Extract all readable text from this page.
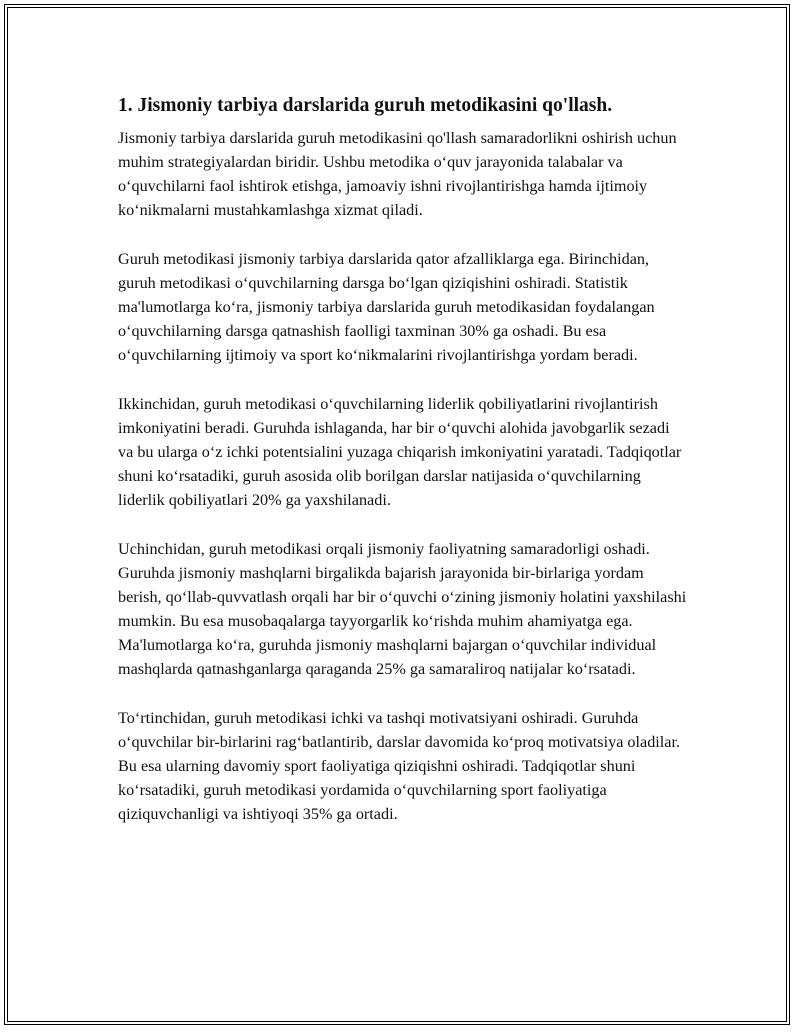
1. Jismoniy tarbiya darslarida guruh metodikasini qo'llash.

Jismoniy tarbiya darslarida guruh metodikasini qo'llash samaradorlikni oshirish uchun muhim strategiyalardan biridir. Ushbu metodika o‘quv jarayonida talabalar va o‘quvchilarni faol ishtirok etishga, jamoaviy ishni rivojlantirishga hamda ijtimoiy ko‘nikmalarni mustahkamlashga xizmat qiladi.

Guruh metodikasi jismoniy tarbiya darslarida qator afzalliklarga ega. Birinchidan, guruh metodikasi o‘quvchilarning darsga bo‘lgan qiziqishini oshiradi. Statistik ma'lumotlarga ko‘ra, jismoniy tarbiya darslarida guruh metodikasidan foydalangan o‘quvchilarning darsga qatnashish faolligi taxminan 30% ga oshadi. Bu esa o‘quvchilarning ijtimoiy va sport ko‘nikmalarini rivojlantirishga yordam beradi.

Ikkinchidan, guruh metodikasi o‘quvchilarning liderlik qobiliyatlarini rivojlantirish imkoniyatini beradi. Guruhda ishlaganda, har bir o‘quvchi alohida javobgarlik sezadi va bu ularga o‘z ichki potentsialini yuzaga chiqarish imkoniyatini yaratadi. Tadqiqotlar shuni ko‘rsatadiki, guruh asosida olib borilgan darslar natijasida o‘quvchilarning liderlik qobiliyatlari 20% ga yaxshilanadi.

Uchinchidan, guruh metodikasi orqali jismoniy faoliyatning samaradorligi oshadi. Guruhda jismoniy mashqlarni birgalikda bajarish jarayonida bir-birlariga yordam berish, qo‘llab-quvvatlash orqali har bir o‘quvchi o‘zining jismoniy holatini yaxshilashi mumkin. Bu esa musobaqalarga tayyorgarlik ko‘rishda muhim ahamiyatga ega. Ma'lumotlarga ko‘ra, guruhda jismoniy mashqlarni bajargan o‘quvchilar individual mashqlarda qatnashganlarga qaraganda 25% ga samaraliroq natijalar ko‘rsatadi.

To‘rtinchidan, guruh metodikasi ichki va tashqi motivatsiyani oshiradi. Guruhda o‘quvchilar bir-birlarini rag‘batlantirib, darslar davomida ko‘proq motivatsiya oladilar. Bu esa ularning davomiy sport faoliyatiga qiziqishni oshiradi. Tadqiqotlar shuni ko‘rsatadiki, guruh metodikasi yordamida o‘quvchilarning sport faoliyatiga qiziquvchanligi va ishtiyoqi 35% ga ortadi.
